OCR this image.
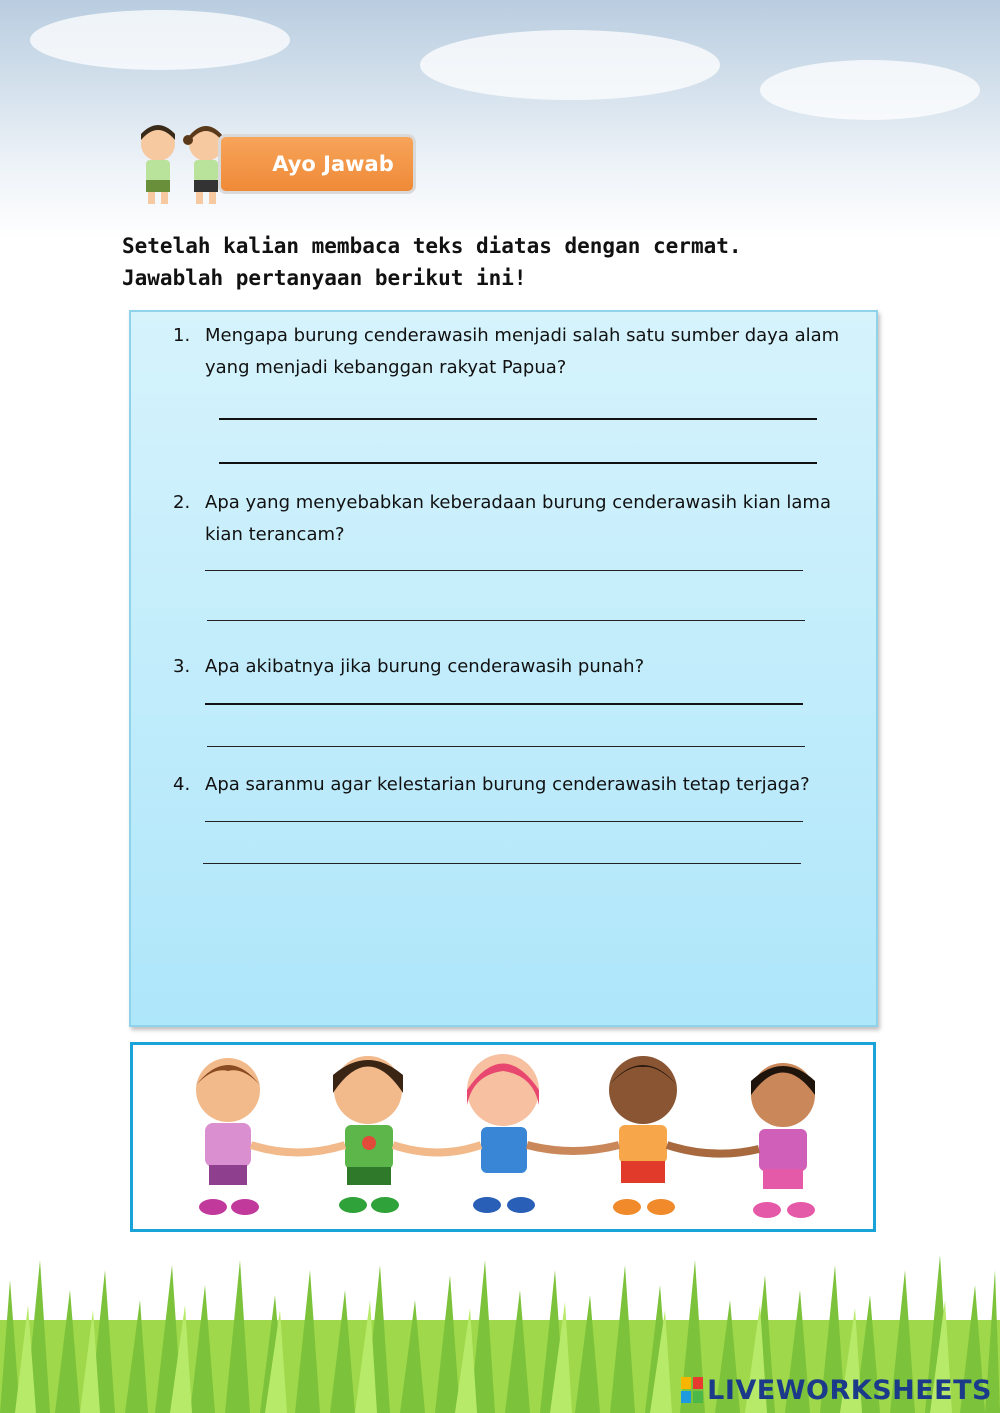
Ayo Jawab
Setelah kalian membaca teks diatas dengan cermat.
Jawablah pertanyaan berikut ini!
1. Mengapa burung cenderawasih menjadi salah satu sumber daya alam yang menjadi kebanggan rakyat Papua?
2. Apa yang menyebabkan keberadaan burung cenderawasih kian lama kian terancam?
3. Apa akibatnya jika burung cenderawasih punah?
4. Apa saranmu agar kelestarian burung cenderawasih tetap terjaga?
LIVEWORKSHEETS
